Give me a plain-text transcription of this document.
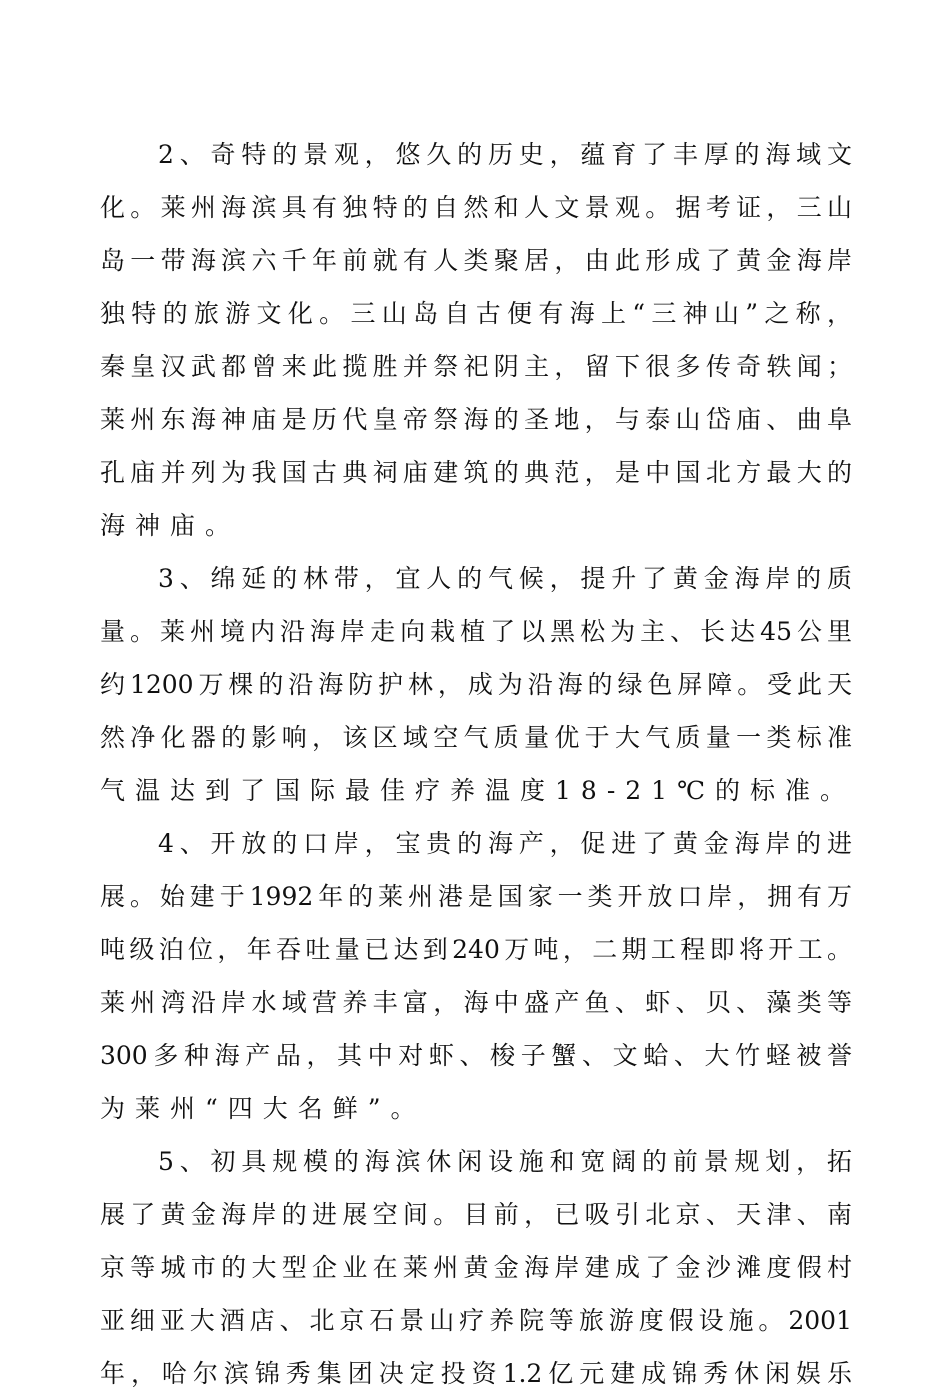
2、奇特的景观，悠久的历史，蕴育了丰厚的海域文
化。莱州海滨具有独特的自然和人文景观。据考证，三山
岛一带海滨六千年前就有人类聚居，由此形成了黄金海岸
独特的旅游文化。三山岛自古便有海上“三神山”之称，
秦皇汉武都曾来此揽胜并祭祀阴主，留下很多传奇轶闻；
莱州东海神庙是历代皇帝祭海的圣地，与泰山岱庙、曲阜
孔庙并列为我国古典祠庙建筑的典范，是中国北方最大的
海神庙。
3、绵延的林带，宜人的气候，提升了黄金海岸的质
量。莱州境内沿海岸走向栽植了以黑松为主、长达45公里
约1200万棵的沿海防护林，成为沿海的绿色屏障。受此天
然净化器的影响，该区域空气质量优于大气质量一类标准
气温达到了国际最佳疗养温度18-21℃的标准。
4、开放的口岸，宝贵的海产，促进了黄金海岸的进
展。始建于1992年的莱州港是国家一类开放口岸，拥有万
吨级泊位，年吞吐量已达到240万吨，二期工程即将开工。
莱州湾沿岸水域营养丰富，海中盛产鱼、虾、贝、藻类等
300多种海产品，其中对虾、梭子蟹、文蛤、大竹蛏被誉
为莱州“四大名鲜”。
5、初具规模的海滨休闲设施和宽阔的前景规划，拓
展了黄金海岸的进展空间。目前，已吸引北京、天津、南
京等城市的大型企业在莱州黄金海岸建成了金沙滩度假村
亚细亚大酒店、北京石景山疗养院等旅游度假设施。2001
年，哈尔滨锦秀集团决定投资1.2亿元建成锦秀休闲娱乐
